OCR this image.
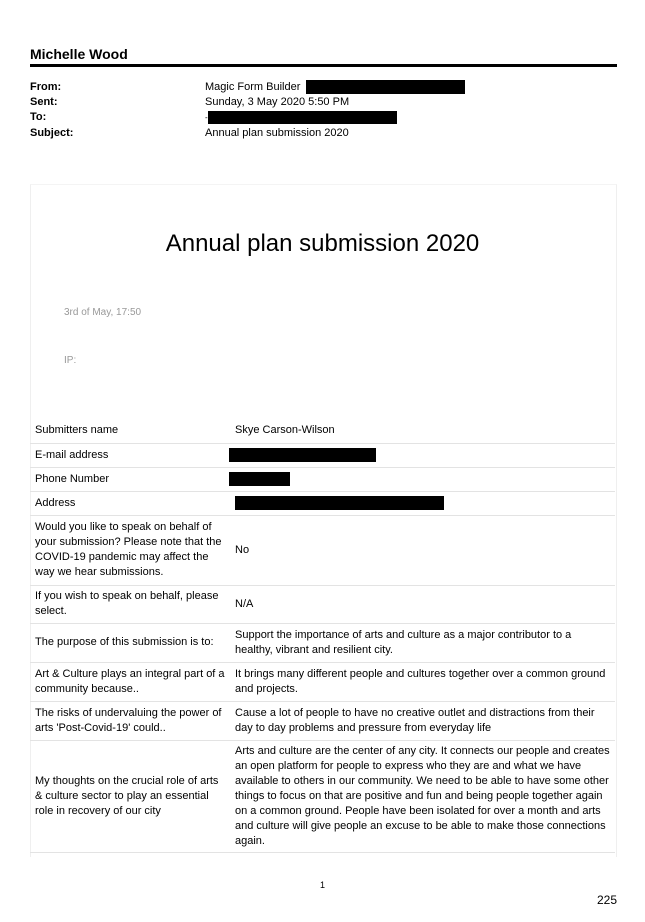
Michelle Wood
From:	Magic Form Builder
Sent:	Sunday, 3 May 2020 5:50 PM
To:	-
Subject:	Annual plan submission 2020
Annual plan submission 2020
3rd of May, 17:50
IP:
Submitters name	Skye Carson-Wilson
E-mail address	
Phone Number	
Address	
Would you like to speak on behalf of your submission? Please note that the COVID-19 pandemic may affect the way we hear submissions.	No
If you wish to speak on behalf, please select.	N/A
The purpose of this submission is to:	Support the importance of arts and culture as a major contributor to a healthy, vibrant and resilient city.
Art & Culture plays an integral part of a community because..	It brings many different people and cultures together over a common ground and projects.
The risks of undervaluing the power of arts 'Post-Covid-19' could..	Cause a lot of people to have no creative outlet and distractions from their day to day problems and pressure from everyday life
My thoughts on the crucial role of arts & culture sector to play an essential role in recovery of our city	Arts and culture are the center of any city. It connects our people and creates an open platform for people to express who they are and what we have available to others in our community. We need to be able to have some other things to focus on that are positive and fun and being people together again on a common ground. People have been isolated for over a month and arts and culture will give people an excuse to be able to make those connections again.
1
225
